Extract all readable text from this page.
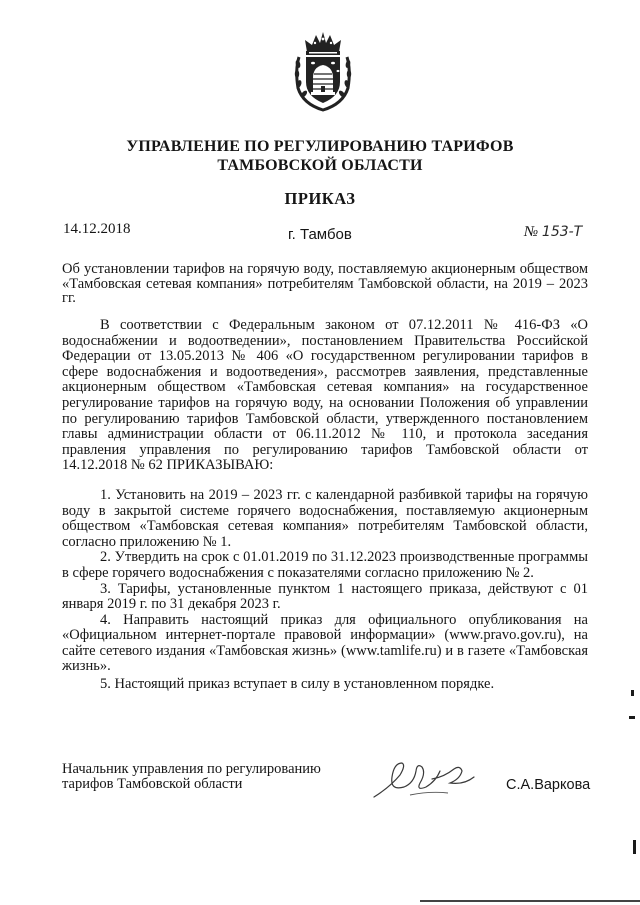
УПРАВЛЕНИЕ ПО РЕГУЛИРОВАНИЮ ТАРИФОВ
ТАМБОВСКОЙ ОБЛАСТИ
ПРИКАЗ
14.12.2018	г. Тамбов	№ 153-Т
Об установлении тарифов на горячую воду, поставляемую акционерным обществом «Тамбовская сетевая компания» потребителям Тамбовской области, на 2019 – 2023 гг.

В соответствии с Федеральным законом от 07.12.2011 № 416-ФЗ «О водоснабжении и водоотведении», постановлением Правительства Российской Федерации от 13.05.2013 № 406 «О государственном регулировании тарифов в сфере водоснабжения и водоотведения», рассмотрев заявления, представленные акционерным обществом «Тамбовская сетевая компания» на государственное регулирование тарифов на горячую воду, на основании Положения об управлении по регулированию тарифов Тамбовской области, утвержденного постановлением главы администрации области от 06.11.2012 № 110, и протокола заседания правления управления по регулированию тарифов Тамбовской области от 14.12.2018 № 62 ПРИКАЗЫВАЮ:

1. Установить на 2019 – 2023 гг. с календарной разбивкой тарифы на горячую воду в закрытой системе горячего водоснабжения, поставляемую акционерным обществом «Тамбовская сетевая компания» потребителям Тамбовской области, согласно приложению № 1.

2. Утвердить на срок с 01.01.2019 по 31.12.2023 производственные программы в сфере горячего водоснабжения с показателями согласно приложению № 2.

3. Тарифы, установленные пунктом 1 настоящего приказа, действуют с 01 января 2019 г. по 31 декабря 2023 г.

4. Направить настоящий приказ для официального опубликования на «Официальном интернет-портале правовой информации» (www.pravo.gov.ru), на сайте сетевого издания «Тамбовская жизнь» (www.tamlife.ru) и в газете «Тамбовская жизнь».

5. Настоящий приказ вступает в силу в установленном порядке.

Начальник управления по регулированию
тарифов Тамбовской области	С.А.Варкова
